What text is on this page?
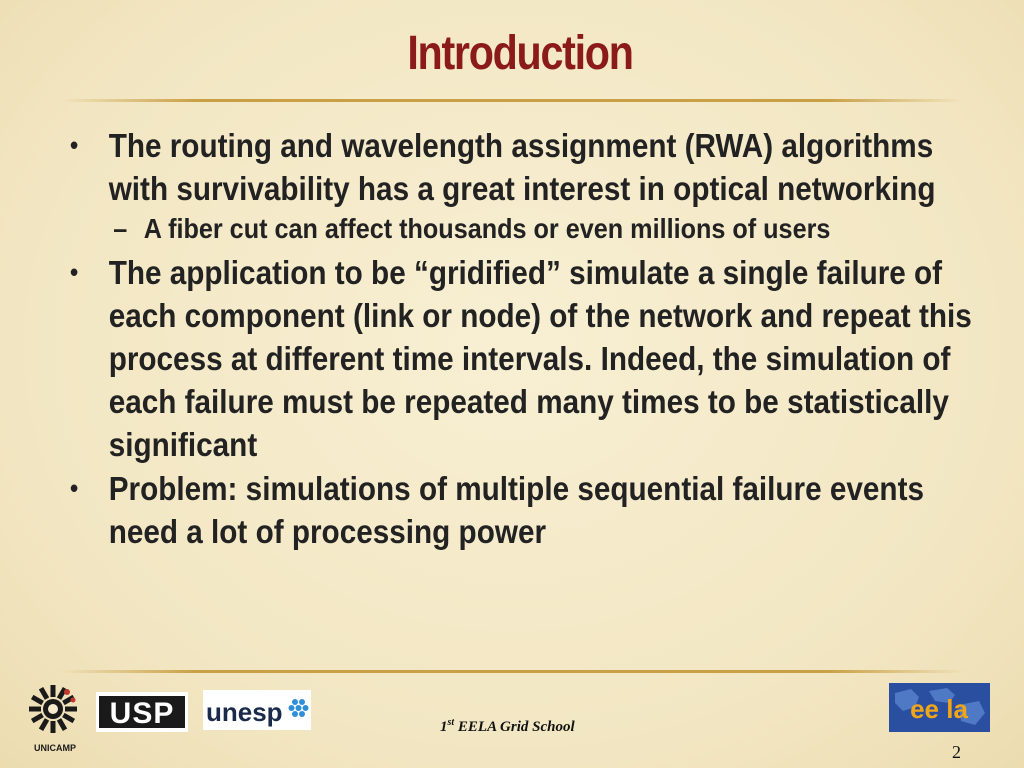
Introduction
• The routing and wavelength assignment (RWA) algorithms with survivability has a great interest in optical networking
– A fiber cut can affect thousands or even millions of users
• The application to be “gridified” simulate a single failure of each component (link or node) of the network and repeat this process at different time intervals. Indeed, the simulation of each failure must be repeated many times to be statistically significant
• Problem: simulations of multiple sequential failure events need a lot of processing power
UNICAMP
USP unesp	ee la
1st EELA Grid School
2
